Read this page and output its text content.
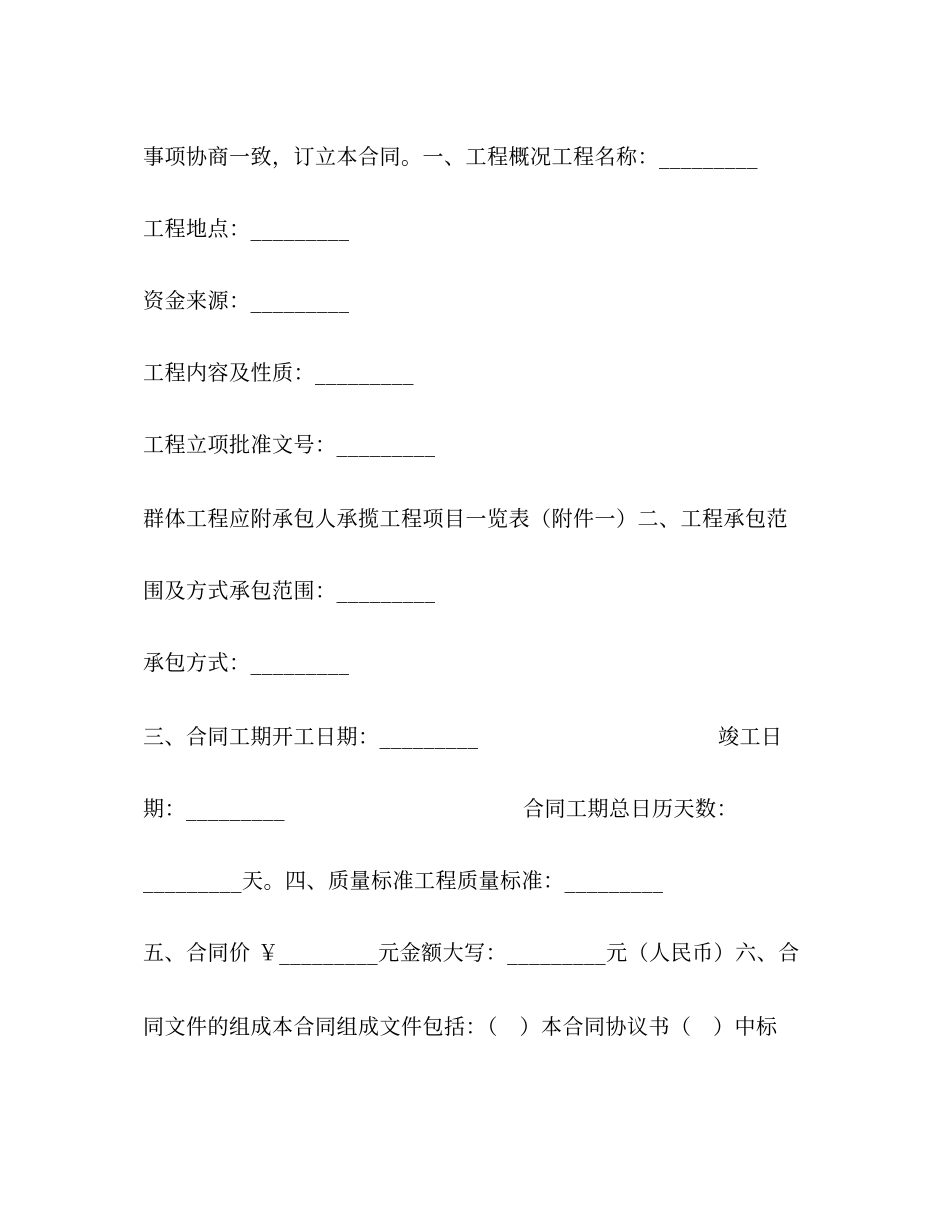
事项协商一致，订立本合同。一、工程概况工程名称：_________
工程地点：_________
资金来源：_________
工程内容及性质：_________
工程立项批准文号：_________
群体工程应附承包人承揽工程项目一览表（附件一）二、工程承包范
围及方式承包范围：_________
承包方式：_________

三、合同工期开工日期：_________

	竣工日

期：_________

	合同工期总日历天数：

_________天。四、质量标准工程质量标准：_________
五、合同价 ￥_________元金额大写：_________元（人民币）六、合
同文件的组成本合同组成文件包括：（　）本合同协议书（　）中标
